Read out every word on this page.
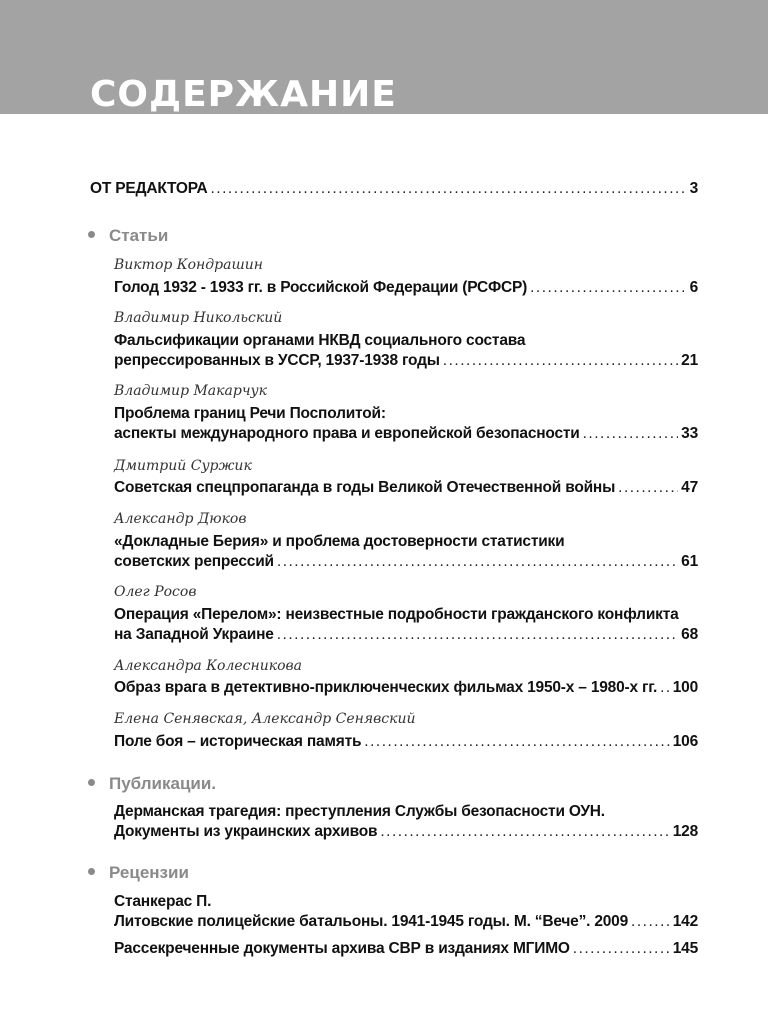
СОДЕРЖАНИЕ
ОТ РЕДАКТОРА .....	3
Статьи
Виктор Кондрашин
Голод 1932 - 1933 гг. в Российской Федерации (РСФСР) .....	6
Владимир Никольский
Фальсификации органами НКВД социального состава
репрессированных в УССР, 1937-1938 годы .....	21
Владимир Макарчук
Проблема границ Речи Посполитой:
аспекты международного права и европейской безопасности .....	33
Дмитрий Суржик
Советская спецпропаганда в годы Великой Отечественной войны .....	47
Александр Дюков
«Докладные Берия» и проблема достоверности статистики
советских репрессий .....	61
Олег Росов
Операция «Перелом»: неизвестные подробности гражданского конфликта
на Западной Украине .....	68
Александра Колесникова
Образ врага в детективно-приключенческих фильмах 1950-х – 1980-х гг. ..... 100
Елена Сенявская, Александр Сенявский
Поле боя – историческая память .....	106
Публикации.
Дерманская трагедия: преступления Службы безопасности ОУН.
Документы из украинских архивов .....	128
Рецензии
Станкерас П.
Литовские полицейские батальоны. 1941-1945 годы. М. “Вече”. 2009 .....	142
Рассекреченные документы архива СВР в изданиях МГИМО .....	145
